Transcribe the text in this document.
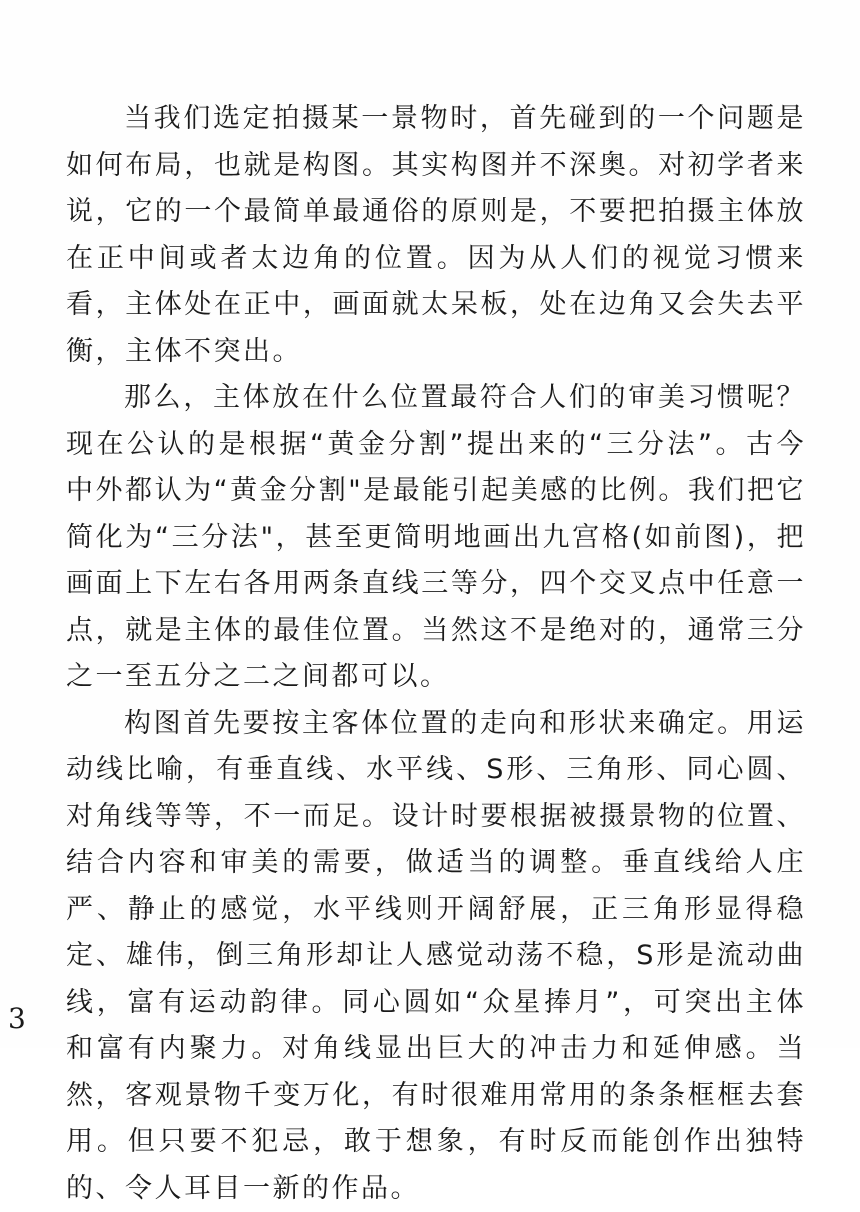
当我们选定拍摄某一景物时，首先碰到的一个问题是如何布局，也就是构图。其实构图并不深奥。对初学者来说，它的一个最简单最通俗的原则是，不要把拍摄主体放在正中间或者太边角的位置。因为从人们的视觉习惯来看，主体处在正中，画面就太呆板，处在边角又会失去平衡，主体不突出。

那么，主体放在什么位置最符合人们的审美习惯呢？现在公认的是根据“黄金分割”提出来的“三分法”。古今中外都认为“黄金分割"是最能引起美感的比例。我们把它简化为“三分法"，甚至更简明地画出九宫格(如前图)，把画面上下左右各用两条直线三等分，四个交叉点中任意一点，就是主体的最佳位置。当然这不是绝对的，通常三分之一至五分之二之间都可以。

构图首先要按主客体位置的走向和形状来确定。用运动线比喻，有垂直线、水平线、S形、三角形、同心圆、对角线等等，不一而足。设计时要根据被摄景物的位置、结合内容和审美的需要，做适当的调整。垂直线给人庄严、静止的感觉，水平线则开阔舒展，正三角形显得稳定、雄伟，倒三角形却让人感觉动荡不稳，S形是流动曲线，富有运动韵律。同心圆如“众星捧月”，可突出主体和富有内聚力。对角线显出巨大的冲击力和延伸感。当然，客观景物千变万化，有时很难用常用的条条框框去套用。但只要不犯忌，敢于想象，有时反而能创作出独特的、令人耳目一新的作品。

3
